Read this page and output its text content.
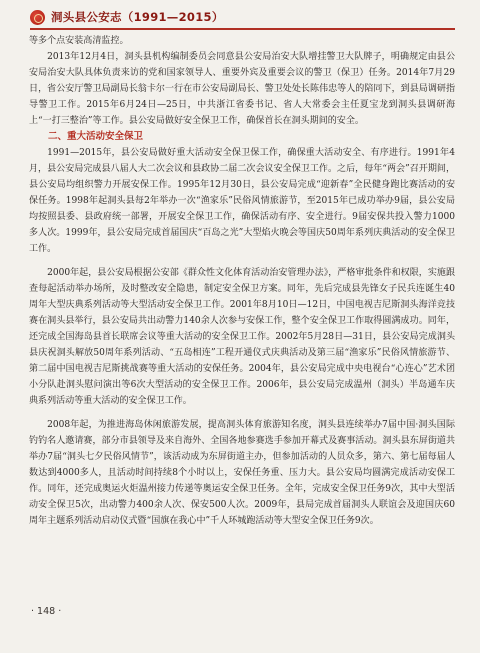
洞头县公安志（1991—2015）

等多个点安装高清监控。

2013年12月4日，洞头县机构编制委员会同意县公安局治安大队增挂警卫大队牌子，明确规定由县公安局治安大队具体负责来访的党和国家领导人、重要外宾及重要会议的警卫（保卫）任务。2014年7月29日，省公安厅警卫局副局长翁卡尔一行在市公安局副局长、警卫处处长陈伟忠等人的陪同下，到县局调研指导警卫工作。2015年6月24日—25日，中共浙江省委书记、省人大常委会主任夏宝龙到洞头县调研海上“一打三整治”等工作。县公安局做好安全保卫工作，确保首长在洞头期间的安全。

二、重大活动安全保卫

1991—2015年，县公安局做好重大活动安全保卫保工作，确保重大活动安全、有序进行。1991年4月，县公安局完成县八届人大二次会议和县政协二届二次会议安全保卫工作。之后，每年“两会”召开期间，县公安局均组织警力开展安保工作。1995年12月30日，县公安局完成“迎新春”全民健身跑比赛活动的安保任务。1998年起洞头县每2年举办一次“渔家乐”民俗风情旅游节，至2015年已成功举办9届，县公安局均按照县委、县政府统一部署，开展安全保卫工作，确保活动有序、安全进行。9届安保共投入警力1000多人次。1999年，县公安局完成首届国庆“百岛之光”大型焰火晚会等国庆50周年系列庆典活动的安全保卫工作。

2000年起，县公安局根据公安部《群众性文化体育活动治安管理办法》，严格审批条件和权限，实施跟查每起活动举办场所，及时整改安全隐患，制定安全保卫方案。同年，先后完成县先锋女子民兵连诞生40周年大型庆典系列活动等大型活动安全保卫工作。2001年8月10日—12日，中国电视吉尼斯洞头海洋竞技赛在洞头县举行，县公安局共出动警力140余人次参与安保工作，整个安全保卫工作取得圆满成功。同年，还完成全国海岛县首长联席会议等重大活动的安全保卫工作。2002年5月28日—31日，县公安局完成洞头县庆祝洞头解放50周年系列活动、“五岛相连”工程开通仪式庆典活动及第三届“渔家乐”民俗风情旅游节、第二届中国电视吉尼斯挑战赛等重大活动的安保任务。2004年，县公安局完成中央电视台“心连心”艺术团小分队赴洞头慰问演出等6次大型活动的安全保卫工作。2006年，县公安局完成温州（洞头）半岛通车庆典系列活动等重大活动的安全保卫工作。

2008年起，为推进海岛休闲旅游发展，提高洞头体育旅游知名度，洞头县连续举办7届中国·洞头国际钓钓名人邀请赛，部分市县领导及来自海外、全国各地参赛选手参加开幕式及赛事活动。洞头县东屏街道共举办7届“洞头七夕民俗风情节”，该活动成为东屏街道主办，但参加活动的人员众多，第六、第七届每届人数达到4000多人，且活动时间持续8个小时以上，安保任务重、压力大。县公安局均圆满完成活动安保工作。同年，还完成奥运火炬温州接力传递等奥运安全保卫任务。全年，完成安全保卫任务9次，其中大型活动安全保卫5次，出动警力400余人次、保安500人次。2009年，县局完成首届洞头人联谊会及迎国庆60周年主题系列活动启动仪式暨“国旗在我心中”千人环城跑活动等大型安全保卫任务9次。

· 148 ·
